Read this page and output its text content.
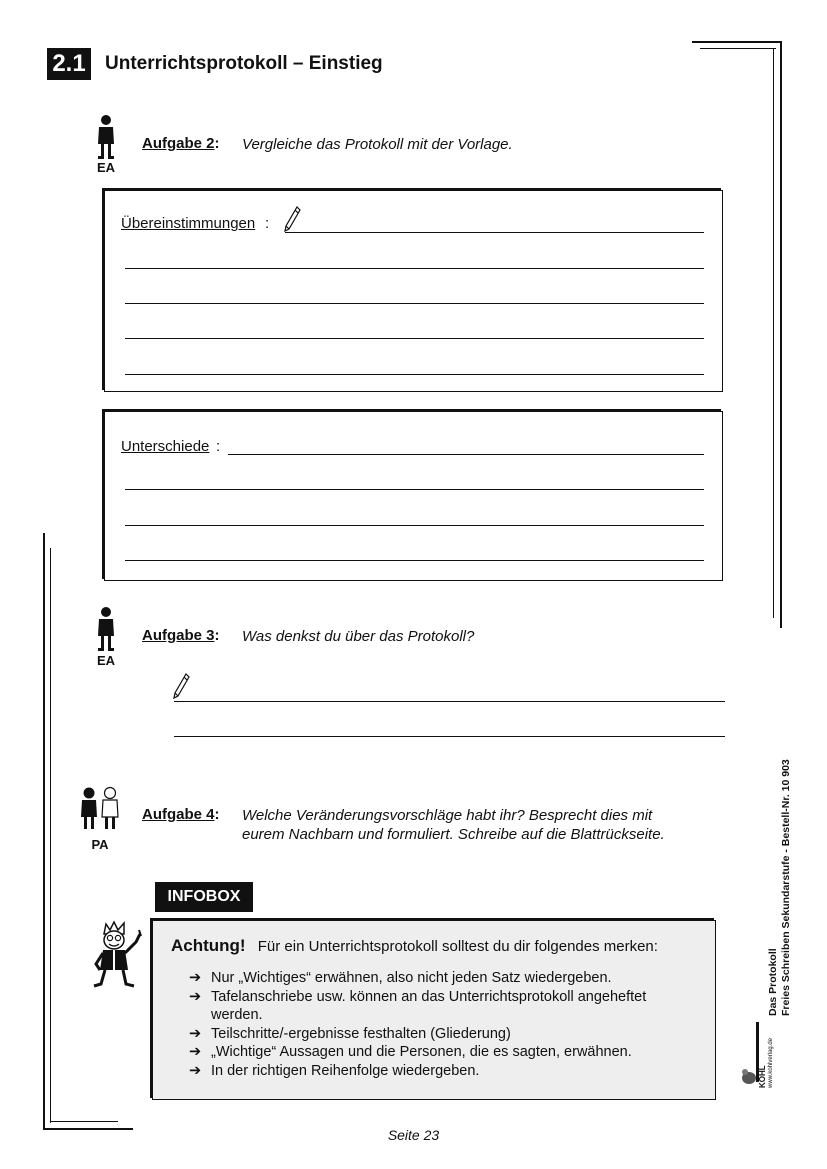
2.1 Unterrichtsprotokoll – Einstieg
EA
Aufgabe 2: Vergleiche das Protokoll mit der Vorlage.
Übereinstimmungen :
Unterschiede :
EA
Aufgabe 3: Was denkst du über das Protokoll?
PA
Aufgabe 4: Welche Veränderungsvorschläge habt ihr? Besprecht dies mit
eurem Nachbarn und formuliert. Schreibe auf die Blattrückseite.
INFOBOX
Achtung! Für ein Unterrichtsprotokoll solltest du dir folgendes merken:
➔ Nur „Wichtiges“ erwähnen, also nicht jeden Satz wiedergeben.
➔ Tafelanschriebe usw. können an das Unterrichtsprotokoll angeheftet werden.
➔ Teilschritte/-ergebnisse festhalten (Gliederung)
➔ „Wichtige“ Aussagen und die Personen, die es sagten, erwähnen.
➔ In der richtigen Reihenfolge wiedergeben.
Das Protokoll Freies Schreiben Sekundarstufe - Bestell-Nr. 10 903
KOHL www.kohlverlag.de
Seite 23
